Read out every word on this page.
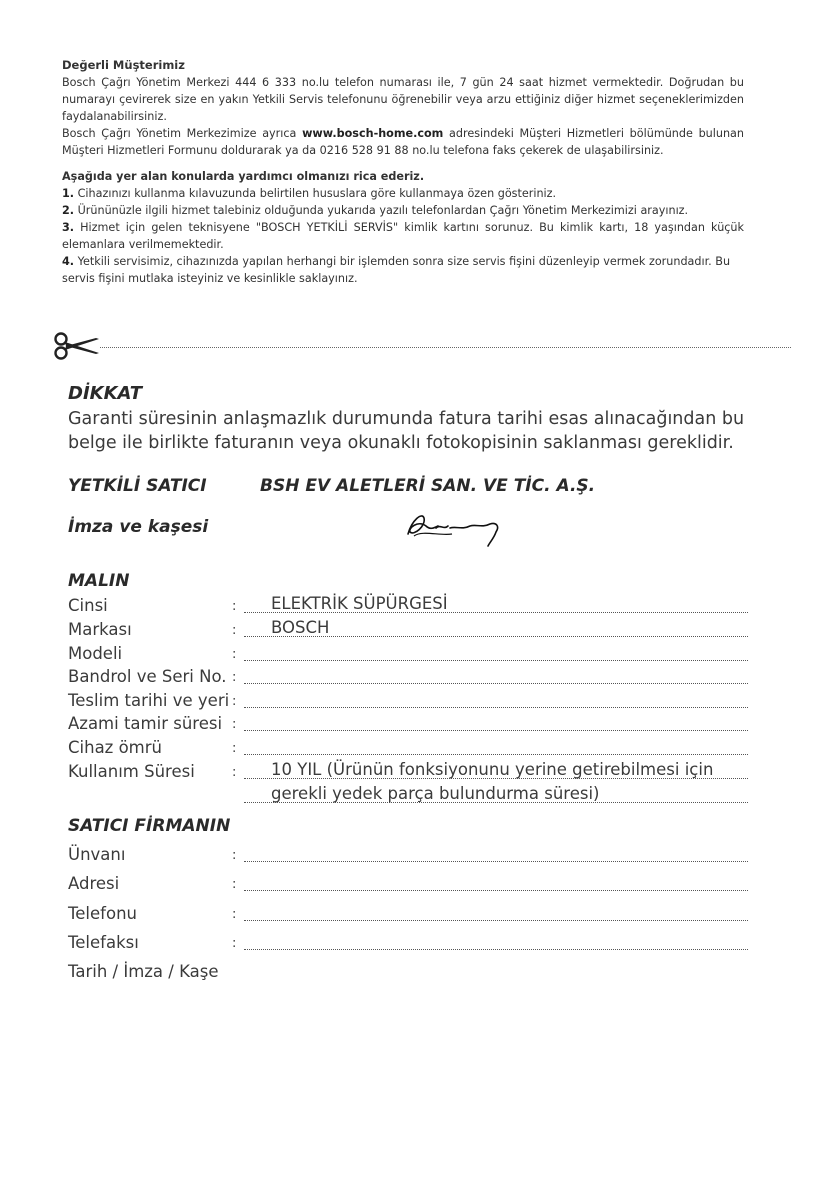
Değerli Müşterimiz
Bosch Çağrı Yönetim Merkezi 444 6 333 no.lu telefon numarası ile, 7 gün 24 saat hizmet vermektedir. Doğrudan bu numarayı çevirerek size en yakın Yetkili Servis telefonunu öğrenebilir veya arzu ettiğiniz diğer hizmet seçeneklerimizden faydalanabilirsiniz.
Bosch Çağrı Yönetim Merkezimize ayrıca www.bosch-home.com adresindeki Müşteri Hizmetleri bölümünde bulunan Müşteri Hizmetleri Formunu doldurarak ya da 0216 528 91 88 no.lu telefona faks çekerek de ulaşabilirsiniz.
Aşağıda yer alan konularda yardımcı olmanızı rica ederiz.
1. Cihazınızı kullanma kılavuzunda belirtilen hususlara göre kullanmaya özen gösteriniz.
2. Ürününüzle ilgili hizmet talebiniz olduğunda yukarıda yazılı telefonlardan Çağrı Yönetim Merkezimizi arayınız.
3. Hizmet için gelen teknisyene "BOSCH YETKİLİ SERVİS" kimlik kartını sorunuz. Bu kimlik kartı, 18 yaşından küçük elemanlara verilmemektedir.
4. Yetkili servisimiz, cihazınızda yapılan herhangi bir işlemden sonra size servis fişini düzenleyip vermek zorundadır. Bu servis fişini mutlaka isteyiniz ve kesinlikle saklayınız.
DİKKAT
Garanti süresinin anlaşmazlık durumunda fatura tarihi esas alınacağından bu belge ile birlikte faturanın veya okunaklı fotokopisinin saklanması gereklidir.
YETKİLİ SATICI	BSH EV ALETLERİ SAN. VE TİC. A.Ş.
İmza ve kaşesi
MALIN
Cinsi	: ELEKTRİK SÜPÜRGESİ
Markası	: BOSCH
Modeli	:
Bandrol ve Seri No. :
Teslim tarihi ve yeri :
Azami tamir süresi :
Cihaz ömrü	:
Kullanım Süresi	: 10 YIL (Ürünün fonksiyonunu yerine getirebilmesi için
gerekli yedek parça bulundurma süresi)
SATICI FİRMANIN
Ünvanı	:
Adresi	:
Telefonu	:
Telefaksı	:
Tarih / İmza / Kaşe
